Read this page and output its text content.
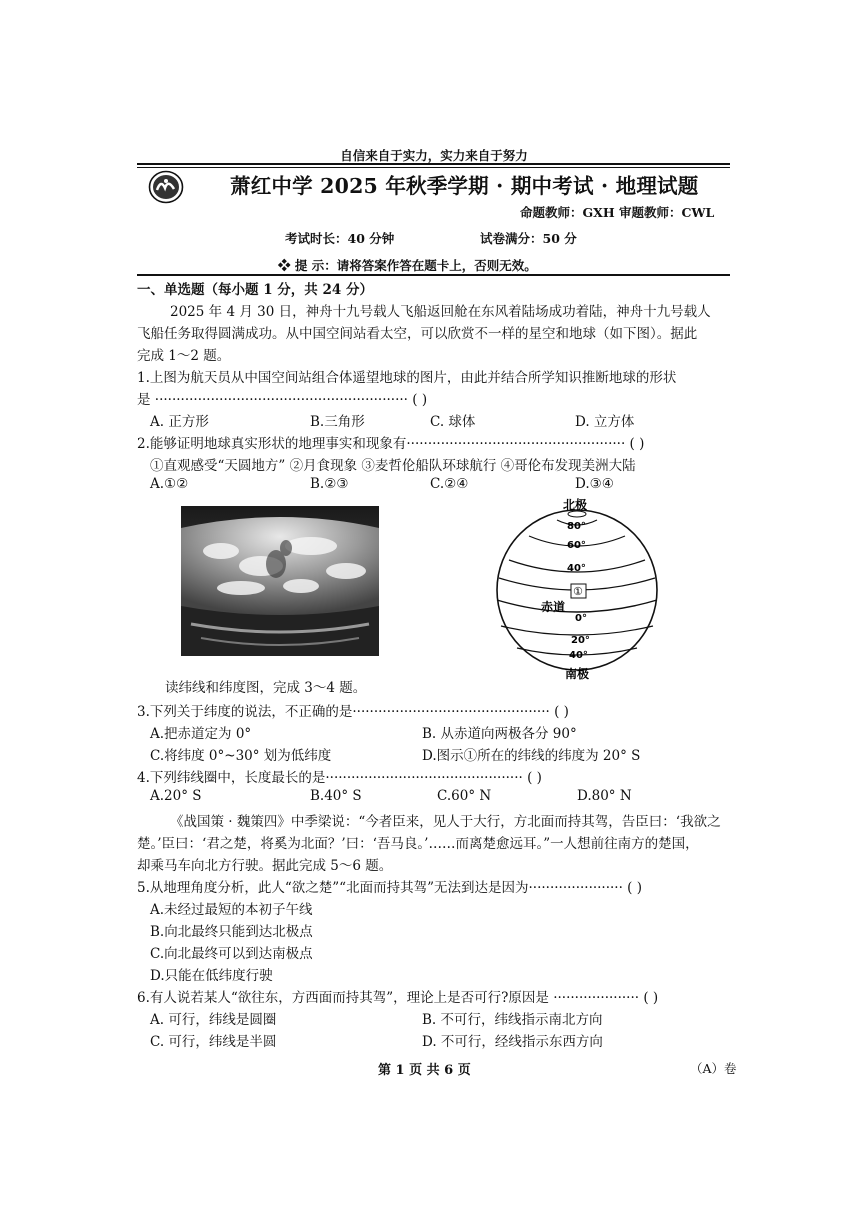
自信来自于实力，实力来自于努力
萧红中学 2025 年秋季学期 · 期中考试 · 地理试题
命题教师：GXH 审题教师：CWL
考试时长：40 分钟	试卷满分：50 分
❖ 提 示：请将答案作答在题卡上，否则无效。
一、单选题（每小题 1 分，共 24 分）
2025 年 4 月 30 日，神舟十九号载人飞船返回舱在东风着陆场成功着陆，神舟十九号载人
飞船任务取得圆满成功。从中国空间站看太空，可以欣赏不一样的星空和地球（如下图）。据此
完成 1～2 题。
1.上图为航天员从中国空间站组合体遥望地球的图片，由此并结合所学知识推断地球的形状
是 ··························································· ( )
A. 正方形	B.三角形	C. 球体	D. 立方体
2.能够证明地球真实形状的地理事实和现象有··················································· ( )
①直观感受“天圆地方” ②月食现象 ③麦哲伦船队环球航行 ④哥伦布发现美洲大陆
A.①②	B.②③	C.②④	D.③④
北极
80°
60°
40°
①
赤道
0°
20°
40°
南极
读纬线和纬度图，完成 3～4 题。
3.下列关于纬度的说法，不正确的是·············································· ( )
A.把赤道定为 0°	B. 从赤道向两极各分 90°
C.将纬度 0°~30° 划为低纬度	D.图示①所在的纬线的纬度为 20° S
4.下列纬线圈中，长度最长的是·············································· ( )
A.20° S	B.40° S	C.60° N	D.80° N
《战国策 · 魏策四》中季梁说：“今者臣来，见人于大行，方北面而持其驾，告臣曰：‘我欲之
楚。’臣曰：‘君之楚，将奚为北面？’曰：‘吾马良。’……而离楚愈远耳。”一人想前往南方的楚国，
却乘马车向北方行驶。据此完成 5～6 题。
5.从地理角度分析，此人“欲之楚”“北面而持其驾”无法到达是因为······················ ( )
A.未经过最短的本初子午线
B.向北最终只能到达北极点
C.向北最终可以到达南极点
D.只能在低纬度行驶
6.有人说若某人“欲往东，方西面而持其驾”，理论上是否可行?原因是 ···················· ( )
A. 可行，纬线是圆圈	B. 不可行，纬线指示南北方向
C. 可行，纬线是半圆	D. 不可行，经线指示东西方向
第 1 页 共 6 页	（A）卷
